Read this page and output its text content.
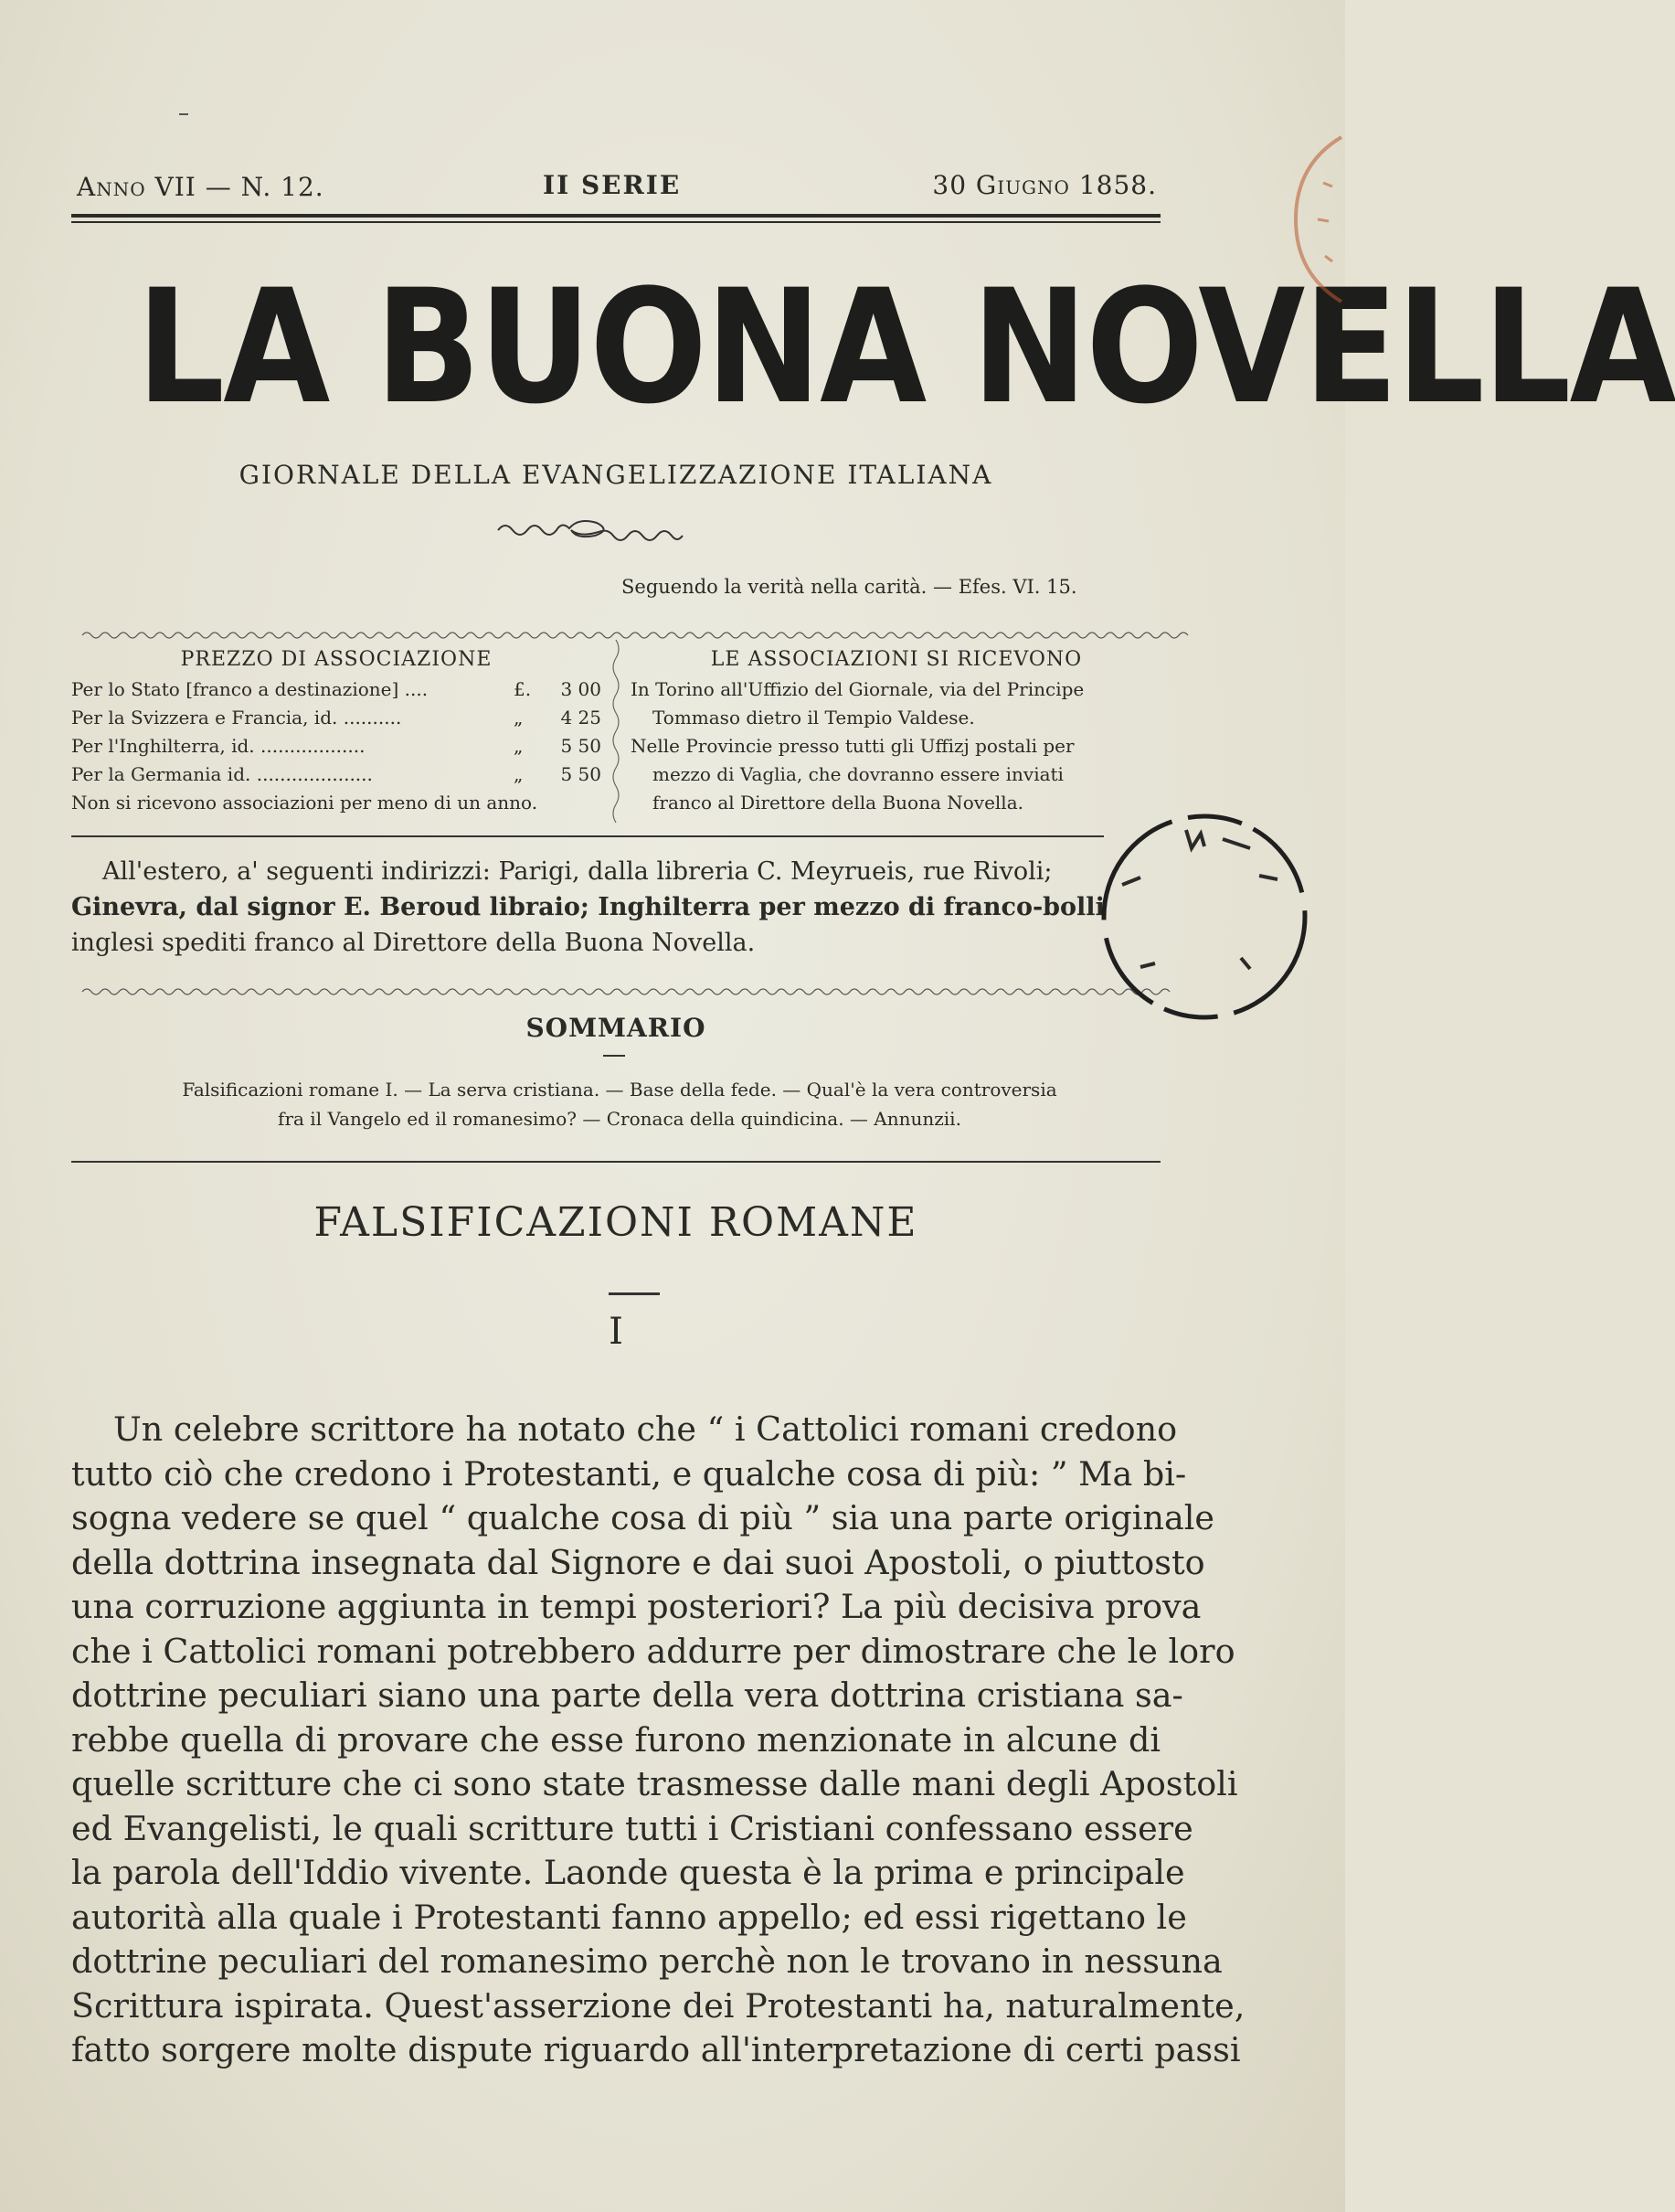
Anno VII — N. 12.	II SERIE	30 Giugno 1858.
LA BUONA NOVELLA
GIORNALE DELLA EVANGELIZZAZIONE ITALIANA
Seguendo la verità nella carità. — Efes. VI. 15.
PREZZO DI ASSOCIAZIONE
Per lo Stato [franco a destinazione] ....	£. 3 00
Per la Svizzera e Francia, id. ..........	„ 4 25
Per l'Inghilterra, id. ..................	„ 5 50
Per la Germania id. ....................	„ 5 50
Non si ricevono associazioni per meno di un anno.
LE ASSOCIAZIONI SI RICEVONO
In Torino all'Uffizio del Giornale, via del Principe
Tommaso dietro il Tempio Valdese.
Nelle Provincie presso tutti gli Uffizj postali per
mezzo di Vaglia, che dovranno essere inviati
franco al Direttore della Buona Novella.
All'estero, a' seguenti indirizzi: Parigi, dalla libreria C. Meyrueis, rue Rivoli;
Ginevra, dal signor E. Beroud libraio; Inghilterra per mezzo di franco-bolli
inglesi spediti franco al Direttore della Buona Novella.
SOMMARIO
Falsificazioni romane I. — La serva cristiana. — Base della fede. — Qual'è la vera controversia
fra il Vangelo ed il romanesimo? — Cronaca della quindicina. — Annunzii.
FALSIFICAZIONI ROMANE
I
Un celebre scrittore ha notato che “ i Cattolici romani credono
tutto ciò che credono i Protestanti, e qualche cosa di più: ” Ma bi-
sogna vedere se quel “ qualche cosa di più ” sia una parte originale
della dottrina insegnata dal Signore e dai suoi Apostoli, o piuttosto
una corruzione aggiunta in tempi posteriori? La più decisiva prova
che i Cattolici romani potrebbero addurre per dimostrare che le loro
dottrine peculiari siano una parte della vera dottrina cristiana sa-
rebbe quella di provare che esse furono menzionate in alcune di
quelle scritture che ci sono state trasmesse dalle mani degli Apostoli
ed Evangelisti, le quali scritture tutti i Cristiani confessano essere
la parola dell'Iddio vivente. Laonde questa è la prima e principale
autorità alla quale i Protestanti fanno appello; ed essi rigettano le
dottrine peculiari del romanesimo perchè non le trovano in nessuna
Scrittura ispirata. Quest'asserzione dei Protestanti ha, naturalmente,
fatto sorgere molte dispute riguardo all'interpretazione di certi passi
